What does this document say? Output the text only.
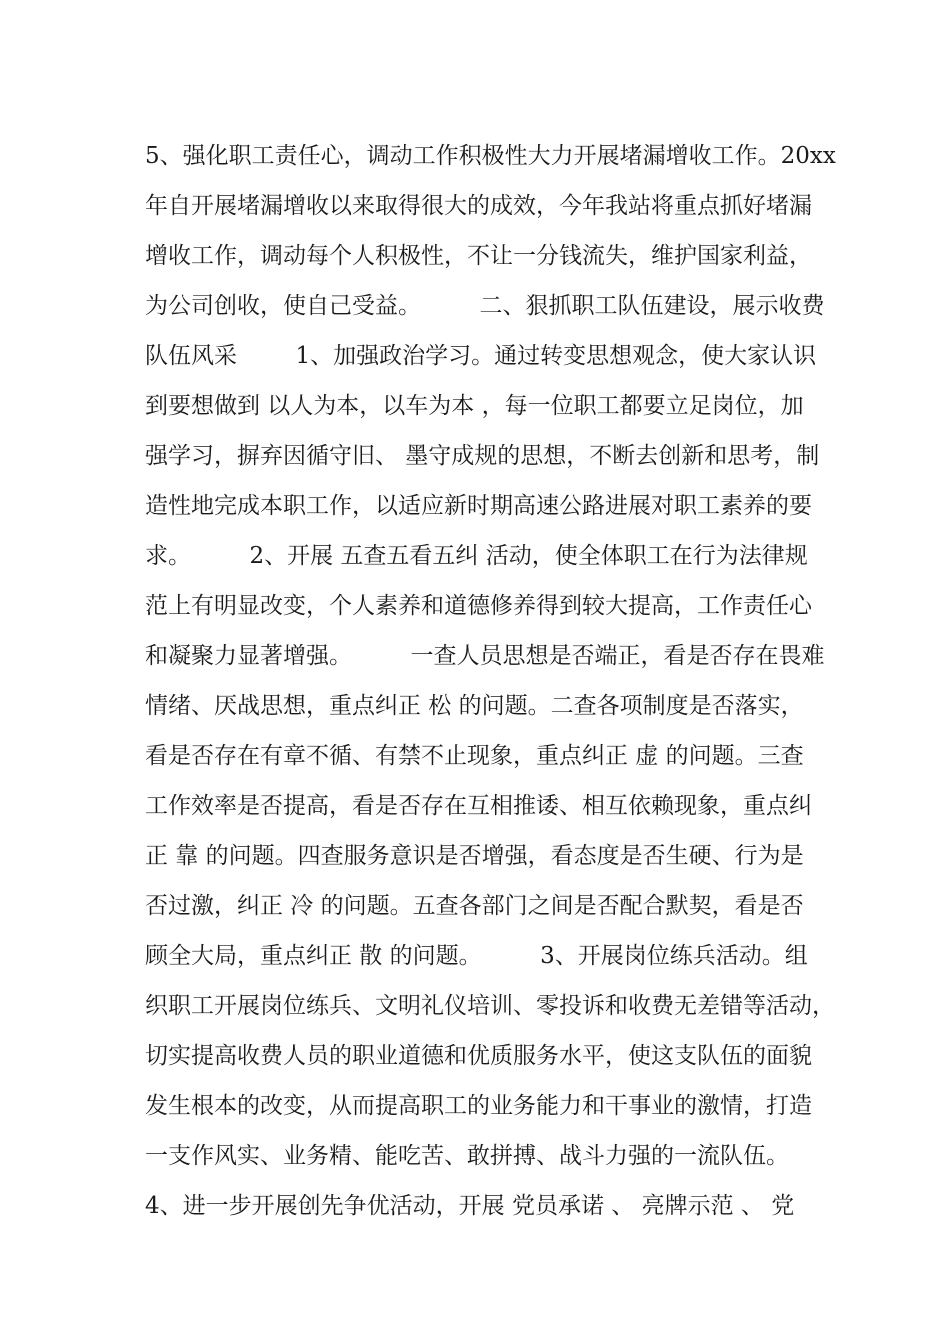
5、强化职工责任心，调动工作积极性大力开展堵漏增收工作。20xx
年自开展堵漏增收以来取得很大的成效，今年我站将重点抓好堵漏
增收工作，调动每个人积极性，不让一分钱流失，维护国家利益，
为公司创收，使自己受益。        二、狠抓职工队伍建设，展示收费
队伍风采        1、加强政治学习。通过转变思想观念，使大家认识
到要想做到 以人为本，以车为本 ，每一位职工都要立足岗位，加
强学习，摒弃因循守旧、 墨守成规的思想，不断去创新和思考，制
造性地完成本职工作，以适应新时期高速公路进展对职工素养的要
求。        2、开展 五查五看五纠 活动，使全体职工在行为法律规
范上有明显改变，个人素养和道德修养得到较大提高，工作责任心
和凝聚力显著增强。        一查人员思想是否端正，看是否存在畏难
情绪、厌战思想，重点纠正 松 的问题。二查各项制度是否落实，
看是否存在有章不循、有禁不止现象，重点纠正 虚 的问题。三查
工作效率是否提高，看是否存在互相推诿、相互依赖现象，重点纠
正 靠 的问题。四查服务意识是否增强，看态度是否生硬、行为是
否过激，纠正 冷 的问题。五查各部门之间是否配合默契，看是否
顾全大局，重点纠正 散 的问题。        3、开展岗位练兵活动。组
织职工开展岗位练兵、文明礼仪培训、零投诉和收费无差错等活动，
切实提高收费人员的职业道德和优质服务水平，使这支队伍的面貌
发生根本的改变，从而提高职工的业务能力和干事业的激情，打造
一支作风实、业务精、能吃苦、敢拼搏、战斗力强的一流队伍。
4、进一步开展创先争优活动，开展 党员承诺 、 亮牌示范 、 党
